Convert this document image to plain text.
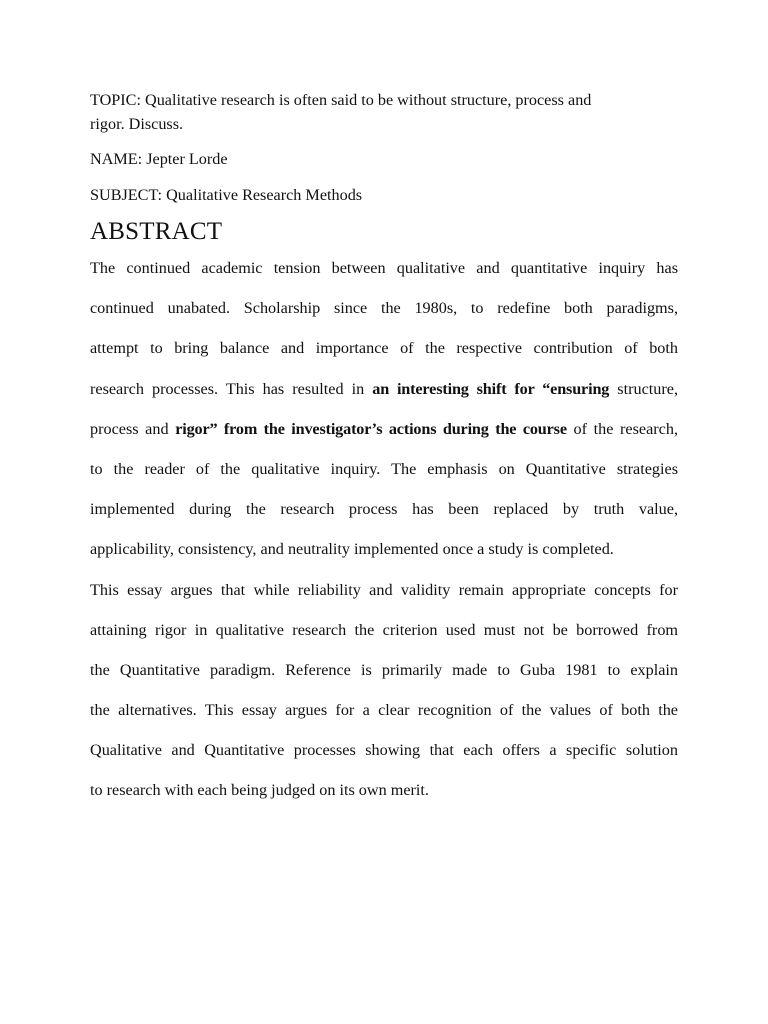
TOPIC: Qualitative research is often said to be without structure, process and

rigor. Discuss.

NAME: Jepter Lorde

SUBJECT: Qualitative Research Methods

ABSTRACT
The continued academic tension between qualitative and quantitative inquiry has
continued unabated. Scholarship since the 1980s, to redefine both paradigms,
attempt to bring balance and importance of the respective contribution of both
research processes. This has resulted in an interesting shift for “ensuring structure,
process and rigor” from the investigator’s actions during the course of the research,
to the reader of the qualitative inquiry. The emphasis on Quantitative strategies
implemented during the research process has been replaced by truth value,
applicability, consistency, and neutrality implemented once a study is completed.
This essay argues that while reliability and validity remain appropriate concepts for
attaining rigor in qualitative research the criterion used must not be borrowed from
the Quantitative paradigm. Reference is primarily made to Guba 1981 to explain
the alternatives. This essay argues for a clear recognition of the values of both the
Qualitative and Quantitative processes showing that each offers a specific solution
to research with each being judged on its own merit.
